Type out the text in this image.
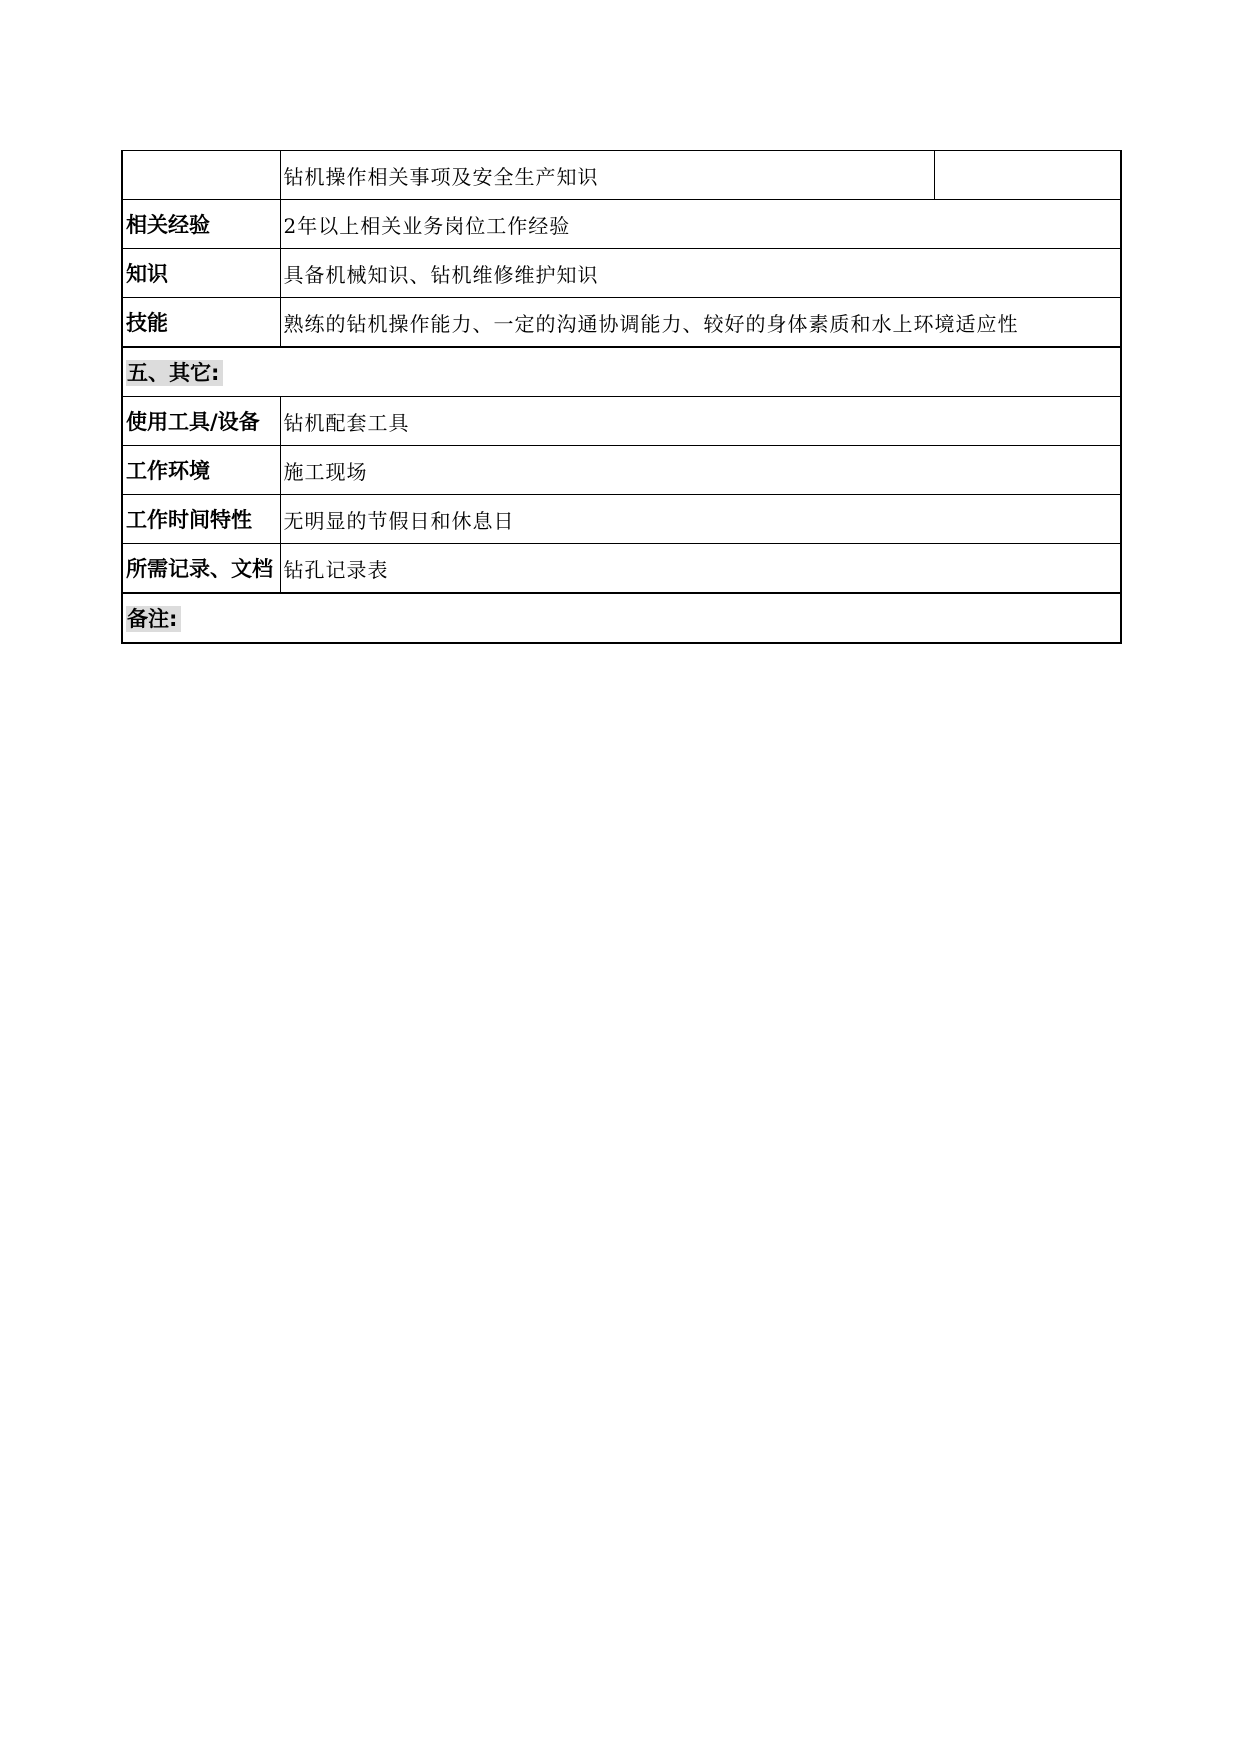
	钻机操作相关事项及安全生产知识	
相关经验	2年以上相关业务岗位工作经验	
知识	具备机械知识、钻机维修维护知识	
技能	熟练的钻机操作能力、一定的沟通协调能力、较好的身体素质和水上环境适应性	
五、其它:		
使用工具/设备	钻机配套工具	
工作环境	施工现场	
工作时间特性	无明显的节假日和休息日	
所需记录、文档	钻孔记录表	
备注:		
